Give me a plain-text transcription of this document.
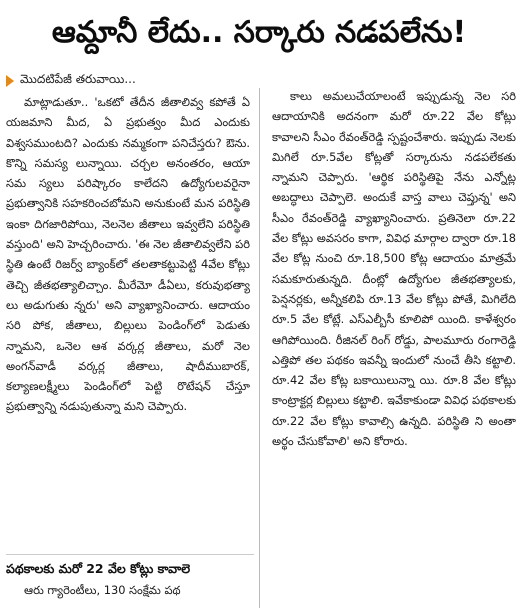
ఆమ్దానీ లేదు.. సర్కారు నడపలేను!
మొదటిపేజీ తరువాయి...

మాట్లాడుతూ.. 'ఒకటో తేదీన జీతాలివ్వ కపోతే ఏ యజమాని మీద, ఏ ప్రభుత్వం మీద ఎందుకు విశ్వసముంటది? ఎందుకు నమ్మకంగా పనిచేస్తరు? ఔను. కొన్ని సమస్య లున్నాయి. చర్చల అనంతరం, ఆయా సమ స్యలు పరిష్కారం కాలేదని ఉద్యోగులవరైనా ప్రభుత్వానికి సహకరించబోమని అనుకుంటే మన పరిస్థితి ఇంకా దిగజారిపోయి, నెలనెల జీతాలు ఇవ్వలేని పరిస్థితి వస్తుంది' అని హెచ్చరించారు. 'ఈ నెల జీతాలివ్వలేని పరి స్థితి ఉంటే రిజర్వ్ బ్యాంక్‌లో తలతాకట్టుపెట్టి 4వేల కోట్లు తెచ్చి జీతభత్యాలిచ్చాం. మీరేమో డీఏలు, కరువుభత్యా లు అడుగుతు న్నరు' అని వ్యాఖ్యానించారు. ఆదాయం సరి పోక, జీతాలు, బిల్లులు పెండింగ్‌లో పెడుతు న్నామని, ఒనెల ఆశ వర్కర్ల జీతాలు, మరో నెల అంగన్‌వాడీ వర్కర్ల జీతాలు, షాదీముబారక్, కల్యాణలక్ష్మీలు పెండింగ్‌లో పెట్టి రొటేషన్ చేస్తూ ప్రభుత్వాన్ని నడుపుతున్నా మని చెప్పారు.

కాలు అమలుచేయాలంటే ఇప్పుడున్న నెల సరి ఆదాయానికి అదనంగా మరో రూ.22 వేల కోట్లు కావాలని సీఎం రేవంత్‌రెడ్డి స్పష్టంచేశారు. ఇప్పుడు నెలకు మిగిలే రూ.5వేల కోట్లతో సర్కారును నడపలేకతు న్నామని చెప్పారు. 'ఆర్థిక పరిస్థితిపై నేను ఎన్నోట్ల అబద్ధాలు చెప్పాలె. అందుకే వాస్త వాలు చెప్తున్న' అని సీఎం రేవంత్‌రెడ్డి వ్యాఖ్యానించారు. ప్రతినెలా రూ.22 వేల కోట్లు అవసరం కాగా, వివిధ మార్గాల ద్వారా రూ.18 వేల కోట్ల నుంచి రూ.18,500 కోట్ల ఆదాయం మాత్రమే సమకూరుతున్నది. దీంట్లో ఉద్యోగుల జీతభత్యాలకు, పెన్షనర్లకు, అన్నీకలిపి రూ.13 వేల కోట్లు పోతే, మిగిలేది రూ.5 వేల కోట్లే. ఎస్ఎల్బీసీ కూలిపో యింది. కాళేశ్వరం ఆగిపోయింది. రీజినల్ రింగ్ రోడ్డు, పాలమూరు రంగారెడ్డి ఎత్తిపో తల పథకం ఇవన్నీ ఇందులో నుంచే తీసి కట్టాలి. రూ.42 వేల కోట్ల బకాయిలున్నా యి. రూ.8 వేల కోట్లు కాంట్రాక్టర్ల బిల్లులు కట్టాలి. ఇవేకాకుండా వివిధ పథకాలకు రూ.22 వేల కోట్లు కావాల్సి ఉన్నది. పరిస్థితి ని అంతా అర్థం చేసుకోవాలి' అని కోరారు.

పథకాలకు మరో 22 వేల కోట్లు కావాలె
ఆరు గ్యారెంటీలు, 130 సంక్షేమ పథ
